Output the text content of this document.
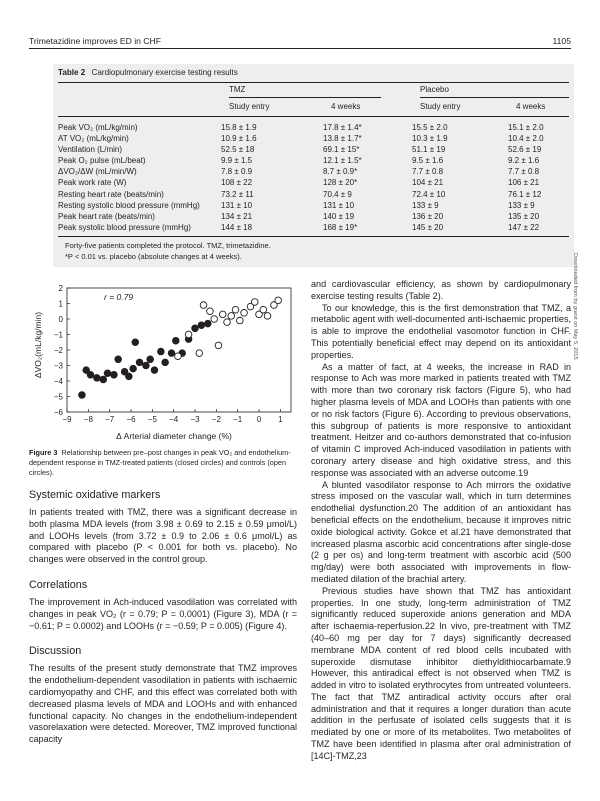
Trimetazidine improves ED in CHF	1105
Table 2 Cardiopulmonary exercise testing results
TMZ	Placebo
Study entry	4 weeks	Study entry	4 weeks
Peak VO₂ (mL/kg/min)	15.8 ± 1.9	17.8 ± 1.4*	15.5 ± 2.0	15.1 ± 2.0
AT VO₂ (mL/kg/min)	10.9 ± 1.6	13.8 ± 1.7*	10.3 ± 1.9	10.4 ± 2.0
Ventilation (L/min)	52.5 ± 18	69.1 ± 15*	51.1 ± 19	52.6 ± 19
Peak O₂ pulse (mL/beat)	9.9 ± 1.5	12.1 ± 1.5*	9.5 ± 1.6	9.2 ± 1.6
ΔVO₂/ΔW (mL/min/W)	7.8 ± 0.9	8.7 ± 0.9*	7.7 ± 0.8	7.7 ± 0.8
Peak work rate (W)	108 ± 22	128 ± 20*	104 ± 21	106 ± 21
Resting heart rate (beats/min)	73.2 ± 11	70.4 ± 9	72.4 ± 10	76.1 ± 12
Resting systolic blood pressure (mmHg)	131 ± 10	131 ± 10	133 ± 9	133 ± 9
Peak heart rate (beats/min)	134 ± 21	140 ± 19	136 ± 20	135 ± 20
Peak systolic blood pressure (mmHg)	144 ± 18	168 ± 19*	145 ± 20	147 ± 22
Forty-five patients completed the protocol. TMZ, trimetazidine.
*P < 0.01 vs. placebo (absolute changes at 4 weeks).
ΔVO₂(mL/kg/min)
Δ Arterial diameter change (%)
r = 0.79
−9 −8 −7 −6 −5 −4 −3 −2 −1 0 1
2
1
0
−1
−2
−3
−4
−5
−6
Figure 3 Relationship between pre–post changes in peak VO₂ and endothelium-dependent response in TMZ-treated patients (closed circles) and controls (open circles).
Systemic oxidative markers

In patients treated with TMZ, there was a significant decrease in both plasma MDA levels (from 3.98 ± 0.69 to 2.15 ± 0.59 μmol/L) and LOOHs levels (from 3.72 ± 0.9 to 2.06 ± 0.6 μmol/L) as compared with placebo (P < 0.001 for both vs. placebo). No changes were observed in the control group.

Correlations

The improvement in Ach-induced vasodilation was correlated with changes in peak VO₂ (r = 0.79; P = 0.0001) (Figure 3), MDA (r = −0.61; P = 0.0002) and LOOHs (r = −0.59; P = 0.005) (Figure 4).

Discussion

The results of the present study demonstrate that TMZ improves the endothelium-dependent vasodilation in patients with ischaemic cardiomyopathy and CHF, and this effect was correlated both with decreased plasma levels of MDA and LOOHs and with enhanced functional capacity. No changes in the endothelium-independent vasorelaxation were detected. Moreover, TMZ improved functional capacity

and cardiovascular efficiency, as shown by cardiopulmonary exercise testing results (Table 2).

To our knowledge, this is the first demonstration that TMZ, a metabolic agent with well-documented anti-ischaemic properties, is able to improve the endothelial vasomotor function in CHF. This potentially beneficial effect may depend on its antioxidant properties.

As a matter of fact, at 4 weeks, the increase in RAD in response to Ach was more marked in patients treated with TMZ with more than two coronary risk factors (Figure 5), who had higher plasma levels of MDA and LOOHs than patients with one or no risk factors (Figure 6). According to previous observations, this subgroup of patients is more responsive to antioxidant treatment. Heitzer and co-authors demonstrated that co-infusion of vitamin C improved Ach-induced vasodilation in patients with coronary artery disease and high oxidative stress, and this response was associated with an adverse outcome.19

A blunted vasodilator response to Ach mirrors the oxidative stress imposed on the vascular wall, which in turn determines endothelial dysfunction.20 The addition of an antioxidant has beneficial effects on the endothelium, because it improves nitric oxide biological activity. Gokce et al.21 have demonstrated that increased plasma ascorbic acid concentrations after single-dose (2 g per os) and long-term treatment with ascorbic acid (500 mg/day) were both associated with improvements in flow-mediated dilation of the brachial artery.

Previous studies have shown that TMZ has antioxidant properties. In one study, long-term administration of TMZ significantly reduced superoxide anions generation and MDA after ischaemia-reperfusion.22 In vivo, pre-treatment with TMZ (40–60 mg per day for 7 days) significantly decreased membrane MDA content of red blood cells incubated with superoxide dismutase inhibitor diethyldithiocarbamate.9 However, this antiradical effect is not observed when TMZ is added in vitro to isolated erythrocytes from untreated volunteers. The fact that TMZ antiradical activity occurs after oral administration and that it requires a longer duration than acute addition in the perfusate of isolated cells suggests that it is mediated by one or more of its metabolites. Two metabolites of TMZ have been identified in plasma after oral administration of [14C]-TMZ,23

Downloaded from by guest on May 5, 2015
